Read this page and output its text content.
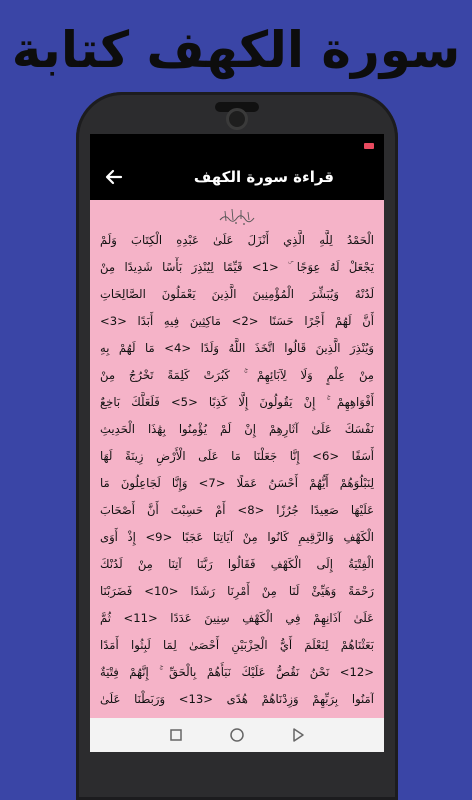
سورة الكهف كتابة
قراءة سورة الكهف
الْحَمْدُ لِلَّهِ الَّذِي أَنْزَلَ عَلَىٰ عَبْدِهِ الْكِتَابَ وَلَمْ
يَجْعَلْ لَهُ عِوَجًا ۜ <1> قَيِّمًا لِيُنْذِرَ بَأْسًا شَدِيدًا مِنْ
لَدُنْهُ وَيُبَشِّرَ الْمُؤْمِنِينَ الَّذِينَ يَعْمَلُونَ الصَّالِحَاتِ
أَنَّ لَهُمْ أَجْرًا حَسَنًا <2> مَاكِثِينَ فِيهِ أَبَدًا <3>
وَيُنْذِرَ الَّذِينَ قَالُوا اتَّخَذَ اللَّهُ وَلَدًا <4> مَا لَهُمْ بِهِ
مِنْ عِلْمٍ وَلَا لِآبَائِهِمْ ۚ كَبُرَتْ كَلِمَةً تَخْرُجُ مِنْ
أَفْوَاهِهِمْ ۚ إِنْ يَقُولُونَ إِلَّا كَذِبًا <5> فَلَعَلَّكَ بَاخِعٌ
نَفْسَكَ عَلَىٰ آثَارِهِمْ إِنْ لَمْ يُؤْمِنُوا بِهَٰذَا الْحَدِيثِ
أَسَفًا <6> إِنَّا جَعَلْنَا مَا عَلَى الْأَرْضِ زِينَةً لَهَا
لِنَبْلُوَهُمْ أَيُّهُمْ أَحْسَنُ عَمَلًا <7> وَإِنَّا لَجَاعِلُونَ مَا
عَلَيْهَا صَعِيدًا جُرُزًا <8> أَمْ حَسِبْتَ أَنَّ أَصْحَابَ
الْكَهْفِ وَالرَّقِيمِ كَانُوا مِنْ آيَاتِنَا عَجَبًا <9> إِذْ أَوَى
الْفِتْيَةُ إِلَى الْكَهْفِ فَقَالُوا رَبَّنَا آتِنَا مِنْ لَدُنْكَ
رَحْمَةً وَهَيِّئْ لَنَا مِنْ أَمْرِنَا رَشَدًا <10> فَضَرَبْنَا
عَلَىٰ آذَانِهِمْ فِي الْكَهْفِ سِنِينَ عَدَدًا <11> ثُمَّ
بَعَثْنَاهُمْ لِنَعْلَمَ أَيُّ الْحِزْبَيْنِ أَحْصَىٰ لِمَا لَبِثُوا أَمَدًا
<12> نَحْنُ نَقُصُّ عَلَيْكَ نَبَأَهُمْ بِالْحَقِّ ۚ إِنَّهُمْ فِتْيَةٌ
آمَنُوا بِرَبِّهِمْ وَزِدْنَاهُمْ هُدًى <13> وَرَبَطْنَا عَلَىٰ
